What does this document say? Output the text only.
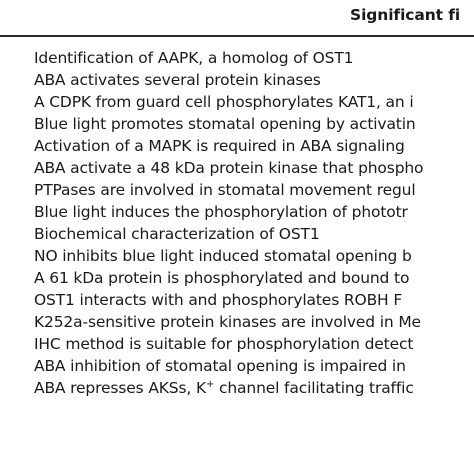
Significant fi
Identification of AAPK, a homolog of OST1
ABA activates several protein kinases
A CDPK from guard cell phosphorylates KAT1, an i
Blue light promotes stomatal opening by activatin
Activation of a MAPK is required in ABA signaling
ABA activate a 48 kDa protein kinase that phospho
PTPases are involved in stomatal movement regul
Blue light induces the phosphorylation of phototr
Biochemical characterization of OST1
NO inhibits blue light induced stomatal opening b
A 61 kDa protein is phosphorylated and bound to
OST1 interacts with and phosphorylates ROBH F
K252a-sensitive protein kinases are involved in Me
IHC method is suitable for phosphorylation detect
ABA inhibition of stomatal opening is impaired in
ABA represses AKSs, K+ channel facilitating traffic
